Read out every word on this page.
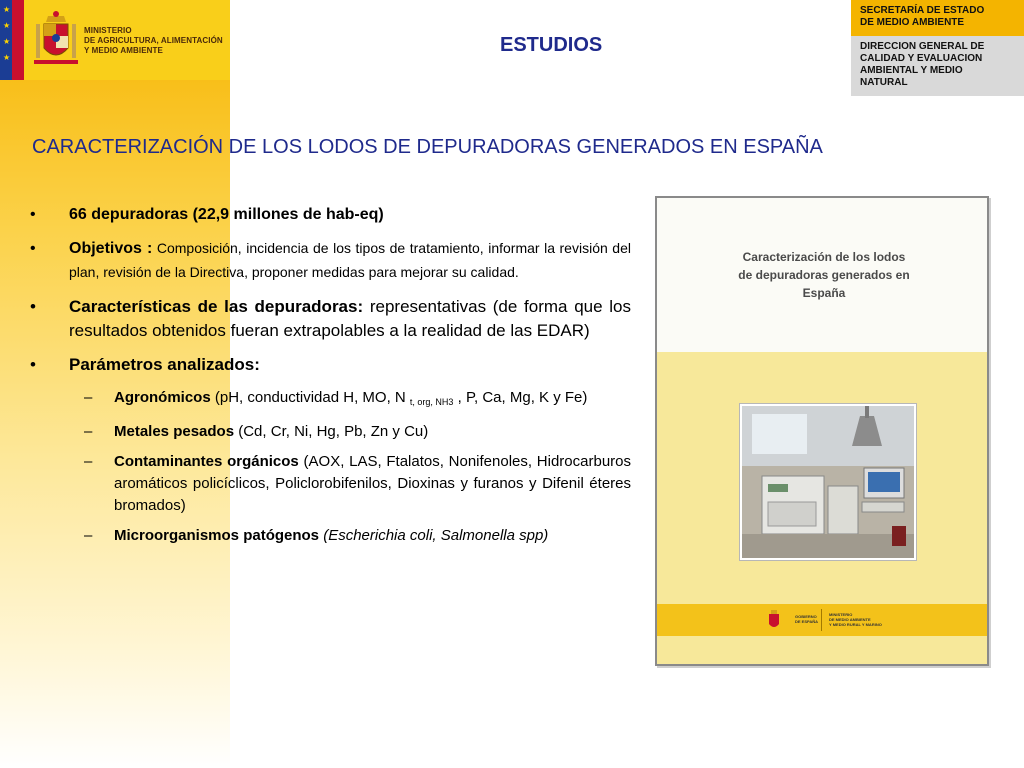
★
★
★
★
MINISTERIO
DE AGRICULTURA, ALIMENTACIÓN
Y MEDIO AMBIENTE
SECRETARÍA DE ESTADO
DE MEDIO AMBIENTE
DIRECCION GENERAL DE
CALIDAD Y EVALUACION
AMBIENTAL Y MEDIO
NATURAL
ESTUDIOS
CARACTERIZACIÓN DE LOS LODOS DE DEPURADORAS GENERADOS EN ESPAÑA
•	66 depuradoras (22,9 millones de hab-eq)
•	Objetivos : Composición, incidencia de los tipos de tratamiento, informar la revisión del plan, revisión de la Directiva, proponer medidas para mejorar su calidad.
•	Características de las depuradoras: representativas (de forma que los resultados obtenidos fueran extrapolables a la realidad de las EDAR)
•	Parámetros analizados:
– Agronómicos (pH, conductividad H, MO, N $_{t, org, NH3}$ , P, Ca, Mg, K y Fe)
– Metales pesados (Cd, Cr, Ni, Hg, Pb, Zn y Cu)
– Contaminantes orgánicos (AOX, LAS, Ftalatos, Nonifenoles, Hidrocarburos aromáticos policíclicos, Policlorobifenilos, Dioxinas y furanos y Difenil éteres bromados)
– Microorganismos patógenos (Escherichia coli, Salmonella spp)
Caracterización de los lodos
de depuradoras generados en
España
GOBIERNO
DE ESPAÑA
MINISTERIO
DE MEDIO AMBIENTE
Y MEDIO RURAL Y MARINO
